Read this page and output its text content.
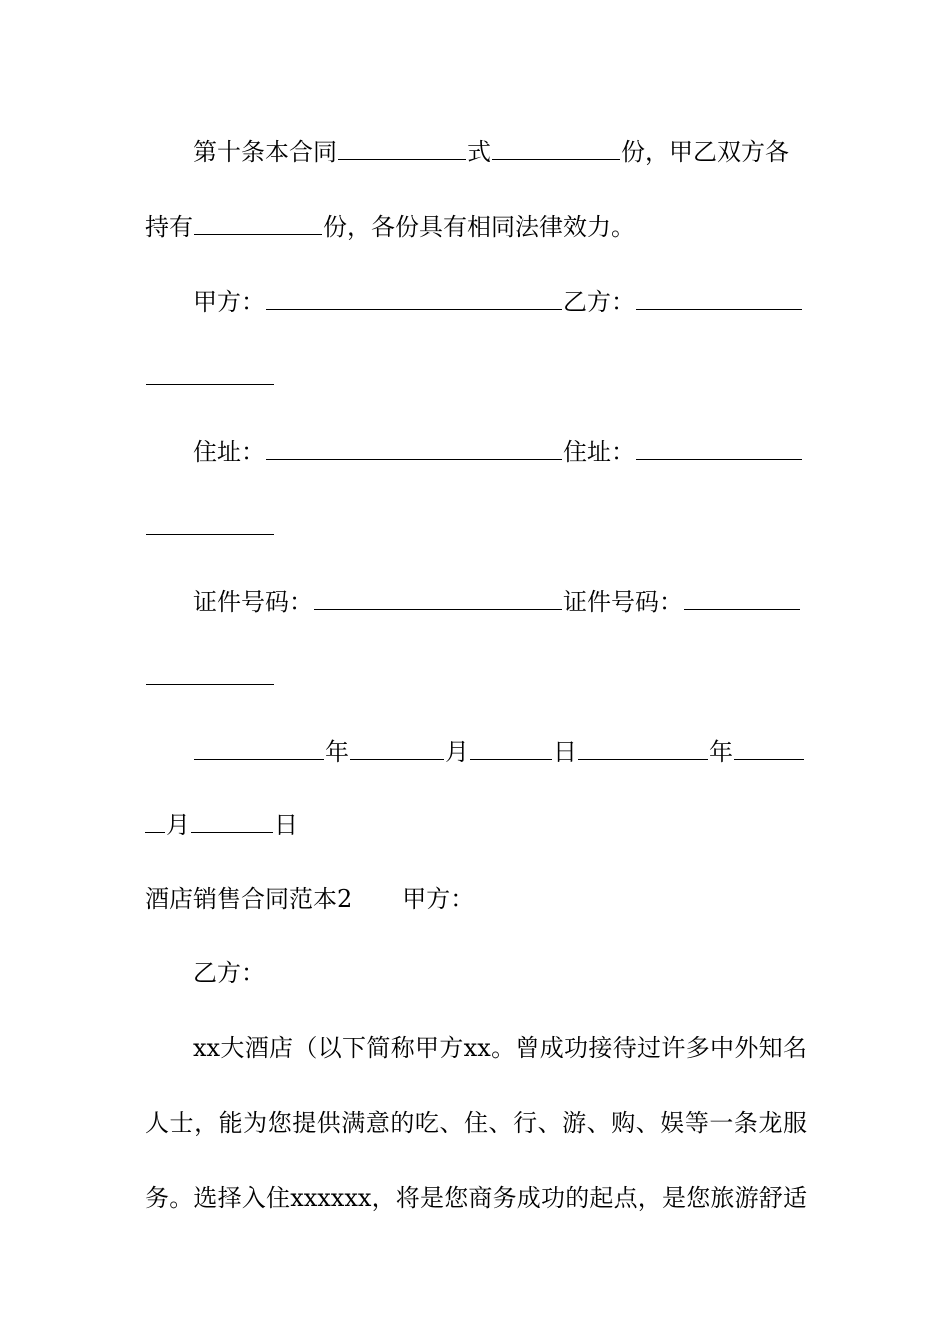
第十条本合同	式	份，甲乙双方各
持有	份，各份具有相同法律效力。
甲方：	乙方：
住址：	住址：
证件号码：	证件号码：
年	月	日	年
月	日
酒店销售合同范本2 甲方：
乙方：
xx大酒店（以下简称甲方xx。曾成功接待过许多中外知名
人士，能为您提供满意的吃、住、行、游、购、娱等一条龙服
务。选择入住xxxxxx，将是您商务成功的起点，是您旅游舒适
